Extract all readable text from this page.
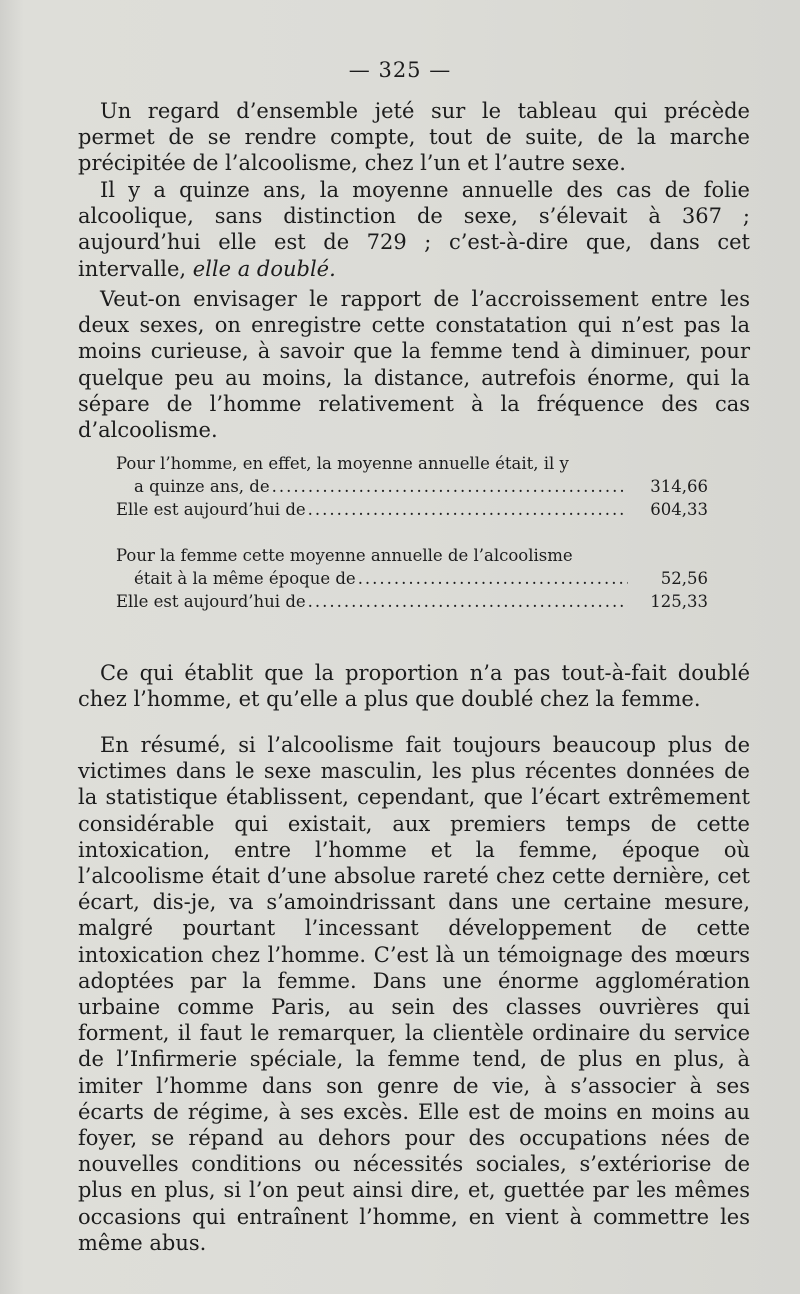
— 325 —

Un regard d’ensemble jeté sur le tableau qui précède permet de se rendre compte, tout de suite, de la marche précipitée de l’alcoolisme, chez l’un et l’autre sexe.

Il y a quinze ans, la moyenne annuelle des cas de folie alcoolique, sans distinction de sexe, s’élevait à 367 ; aujourd’hui elle est de 729 ; c’est-à-dire que, dans cet intervalle, elle a doublé.

Veut-on envisager le rapport de l’accroissement entre les deux sexes, on enregistre cette constatation qui n’est pas la moins curieuse, à savoir que la femme tend à diminuer, pour quelque peu au moins, la distance, autrefois énorme, qui la sépare de l’homme relativement à la fréquence des cas d’alcoolisme.

Pour l’homme, en effet, la moyenne annuelle était, il y
a quinze ans, de .....	314,66
Elle est aujourd’hui de .....	604,33
Pour la femme cette moyenne annuelle de l’alcoolisme
était à la même époque de .....	52,56
Elle est aujourd’hui de .....	125,33

Ce qui établit que la proportion n’a pas tout-à-fait doublé chez l’homme, et qu’elle a plus que doublé chez la femme.

En résumé, si l’alcoolisme fait toujours beaucoup plus de victimes dans le sexe masculin, les plus récentes données de la statistique établissent, cependant, que l’écart extrêmement considérable qui existait, aux premiers temps de cette intoxication, entre l’homme et la femme, époque où l’alcoolisme était d’une absolue rareté chez cette dernière, cet écart, dis-je, va s’amoindrissant dans une certaine mesure, malgré pourtant l’incessant développement de cette intoxication chez l’homme. C’est là un témoignage des mœurs adoptées par la femme. Dans une énorme agglomération urbaine comme Paris, au sein des classes ouvrières qui forment, il faut le remarquer, la clientèle ordinaire du service de l’Infirmerie spéciale, la femme tend, de plus en plus, à imiter l’homme dans son genre de vie, à s’associer à ses écarts de régime, à ses excès. Elle est de moins en moins au foyer, se répand au dehors pour des occupations nées de nouvelles conditions ou nécessités sociales, s’extériorise de plus en plus, si l’on peut ainsi dire, et, guettée par les mêmes occasions qui entraînent l’homme, en vient à commettre les même abus.
